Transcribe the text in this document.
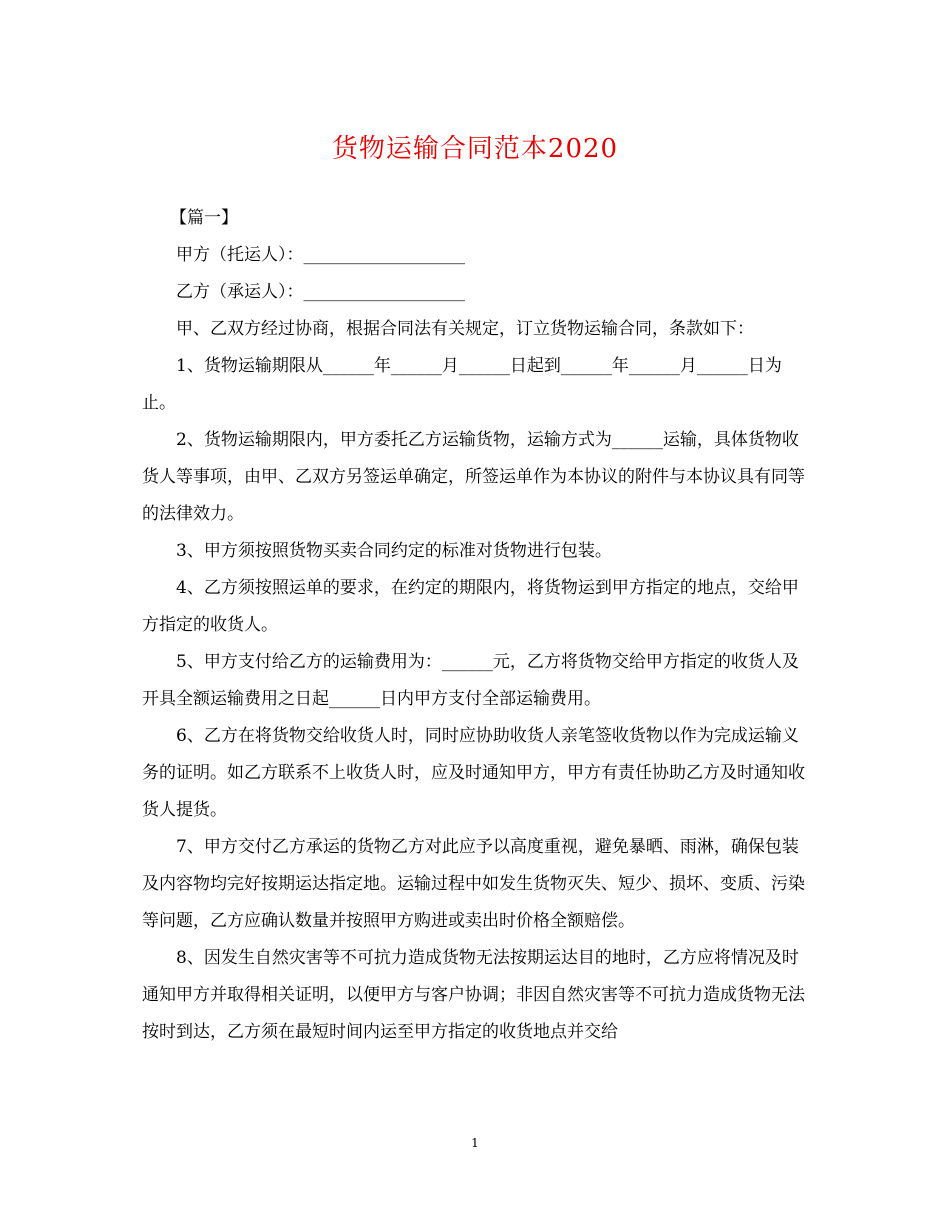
货物运输合同范本2020

【篇一】

甲方（托运人）：___________________

乙方（承运人）：___________________

甲、乙双方经过协商，根据合同法有关规定，订立货物运输合同，条款如下：

1、货物运输期限从______年______月______日起到______年______月______日为止。

2、货物运输期限内，甲方委托乙方运输货物，运输方式为______运输，具体货物收货人等事项，由甲、乙双方另签运单确定，所签运单作为本协议的附件与本协议具有同等的法律效力。

3、甲方须按照货物买卖合同约定的标准对货物进行包装。

4、乙方须按照运单的要求，在约定的期限内，将货物运到甲方指定的地点，交给甲方指定的收货人。

5、甲方支付给乙方的运输费用为：______元，乙方将货物交给甲方指定的收货人及开具全额运输费用之日起______日内甲方支付全部运输费用。

6、乙方在将货物交给收货人时，同时应协助收货人亲笔签收货物以作为完成运输义务的证明。如乙方联系不上收货人时，应及时通知甲方，甲方有责任协助乙方及时通知收货人提货。

7、甲方交付乙方承运的货物乙方对此应予以高度重视，避免暴晒、雨淋，确保包装及内容物均完好按期运达指定地。运输过程中如发生货物灭失、短少、损坏、变质、污染等问题，乙方应确认数量并按照甲方购进或卖出时价格全额赔偿。

8、因发生自然灾害等不可抗力造成货物无法按期运达目的地时，乙方应将情况及时通知甲方并取得相关证明，以便甲方与客户协调；非因自然灾害等不可抗力造成货物无法按时到达，乙方须在最短时间内运至甲方指定的收货地点并交给

1
